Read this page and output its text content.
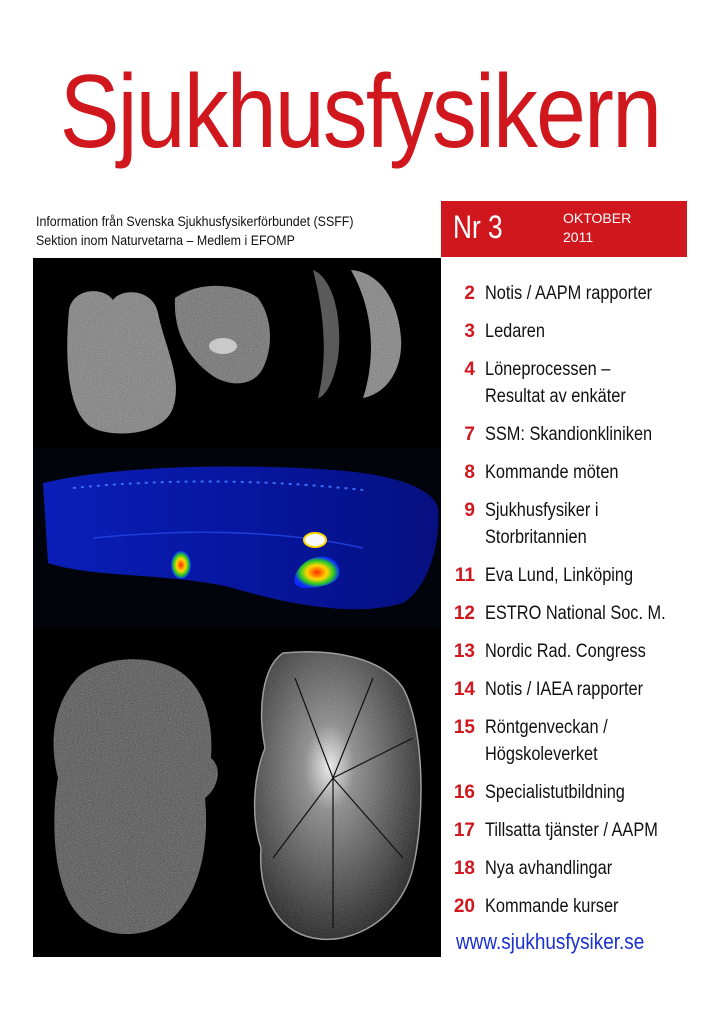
Sjukhusfysikern
Information från Svenska Sjukhusfysikerförbundet (SSFF)
Sektion inom Naturvetarna – Medlem i EFOMP	Nr 3	OKTOBER
2011
2 Notis / AAPM rapporter
3 Ledaren
4 Löneprocessen –
Resultat av enkäter
7 SSM: Skandionkliniken
8 Kommande möten
9 Sjukhusfysiker i
Storbritannien
11 Eva Lund, Linköping
12 ESTRO National Soc. M.
13 Nordic Rad. Congress
14 Notis / IAEA rapporter
15 Röntgenveckan /
Högskoleverket
16 Specialistutbildning
17 Tillsatta tjänster / AAPM
18 Nya avhandlingar
20 Kommande kurser
www.sjukhusfysiker.se
